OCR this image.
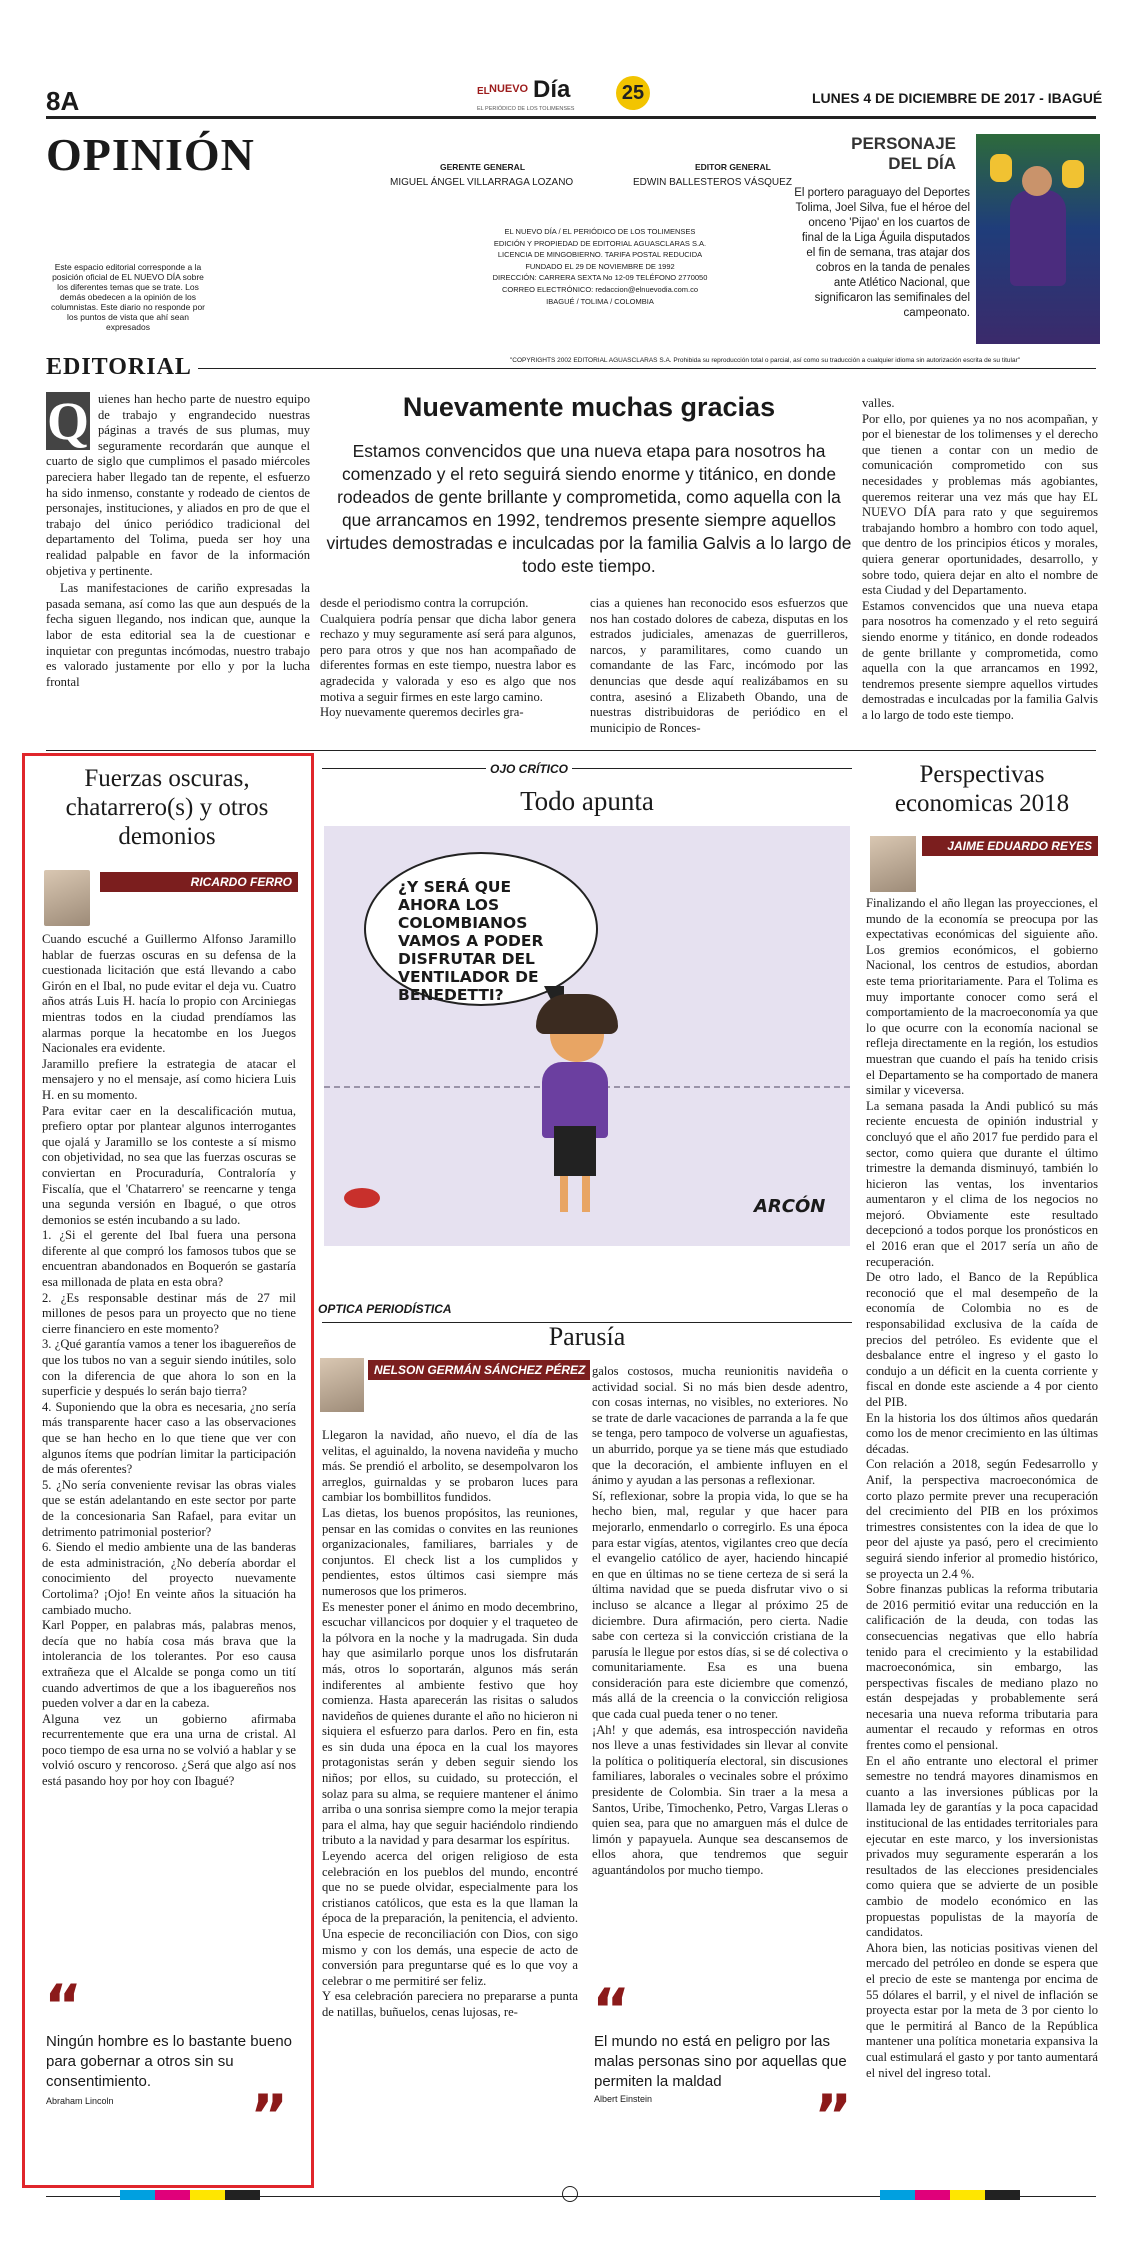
8A	EL NUEVO Día
EL PERIÓDICO DE LOS TOLIMENSES
25	LUNES 4 DE DICIEMBRE DE 2017 - IBAGUÉ
OPINIÓN
Este espacio editorial corresponde a la posición oficial de EL NUEVO DÍA sobre los diferentes temas que se trate. Los demás obedecen a la opinión de los columnistas. Este diario no responde por los puntos de vista que ahí sean expresados
GERENTE GENERAL
MIGUEL ÁNGEL VILLARRAGA LOZANO
EDITOR GENERAL
EDWIN BALLESTEROS VÁSQUEZ
EL NUEVO DÍA / EL PERIÓDICO DE LOS TOLIMENSES
EDICIÓN Y PROPIEDAD DE EDITORIAL AGUASCLARAS S.A.
LICENCIA DE MINGOBIERNO. TARIFA POSTAL REDUCIDA
FUNDADO EL 29 DE NOVIEMBRE DE 1992
DIRECCIÓN: CARRERA SEXTA No 12-09 TELÉFONO 2770050
CORREO ELECTRÓNICO: redaccion@elnuevodia.com.co
IBAGUÉ / TOLIMA / COLOMBIA
PERSONAJE
DEL DÍA
El portero paraguayo del Deportes Tolima, Joel Silva, fue el héroe del onceno 'Pijao' en los cuartos de final de la Liga Águila disputados el fin de semana, tras atajar dos cobros en la tanda de penales ante Atlético Nacional, que significaron las semifinales del campeonato.
"COPYRIGHTS 2002 EDITORIAL AGUASCLARAS S.A. Prohibida su reproducción total o parcial, así como su traducción a cualquier idioma sin autorización escrita de su titular"
EDITORIAL
Q uienes han hecho parte de nuestro equipo de trabajo y engrandecido nuestras páginas a través de sus plumas, muy seguramente recordarán que aunque el cuarto de siglo que cumplimos el pasado miércoles pareciera haber llegado tan de repente, el esfuerzo ha sido inmenso, constante y rodeado de cientos de personajes, instituciones, y aliados en pro de que el trabajo del único periódico tradicional del departamento del Tolima, pueda ser hoy una realidad palpable en favor de la información objetiva y pertinente.

Las manifestaciones de cariño expresadas la pasada semana, así como las que aun después de la fecha siguen llegando, nos indican que, aunque la labor de esta editorial sea la de cuestionar e inquietar con preguntas incómodas, nuestro trabajo es valorado justamente por ello y por la lucha frontal

Nuevamente muchas gracias
Estamos convencidos que una nueva etapa para nosotros ha comenzado y el reto seguirá siendo enorme y titánico, en donde rodeados de gente brillante y comprometida, como aquella con la que arrancamos en 1992, tendremos presente siempre aquellos virtudes demostradas e inculcadas por la familia Galvis a lo largo de todo este tiempo.
desde el periodismo contra la corrupción.
Cualquiera podría pensar que dicha labor genera rechazo y muy seguramente así será para algunos, pero para otros y que nos han acompañado de diferentes formas en este tiempo, nuestra labor es agradecida y valorada y eso es algo que nos motiva a seguir firmes en este largo camino.
Hoy nuevamente queremos decirles gra-
cias a quienes han reconocido esos esfuerzos que nos han costado dolores de cabeza, disputas en los estrados judiciales, amenazas de guerrilleros, narcos, y paramilitares, como cuando un comandante de las Farc, incómodo por las denuncias que desde aquí realizábamos en su contra, asesinó a Elizabeth Obando, una de nuestras distribuidoras de periódico en el municipio de Ronces-
valles.
Por ello, por quienes ya no nos acompañan, y por el bienestar de los tolimenses y el derecho que tienen a contar con un medio de comunicación comprometido con sus necesidades y problemas más agobiantes, queremos reiterar una vez más que hay EL NUEVO DÍA para rato y que seguiremos trabajando hombro a hombro con todo aquel, que dentro de los principios éticos y morales, quiera generar oportunidades, desarrollo, y sobre todo, quiera dejar en alto el nombre de esta Ciudad y del Departamento.
Estamos convencidos que una nueva etapa para nosotros ha comenzado y el reto seguirá siendo enorme y titánico, en donde rodeados de gente brillante y comprometida, como aquella con la que arrancamos en 1992, tendremos presente siempre aquellos virtudes demostradas e inculcadas por la familia Galvis a lo largo de todo este tiempo.
Fuerzas oscuras, chatarrero(s) y otros demonios
RICARDO FERRO
Cuando escuché a Guillermo Alfonso Jaramillo hablar de fuerzas oscuras en su defensa de la cuestionada licitación que está llevando a cabo Girón en el Ibal, no pude evitar el deja vu. Cuatro años atrás Luis H. hacía lo propio con Arciniegas mientras todos en la ciudad prendíamos las alarmas porque la hecatombe en los Juegos Nacionales era evidente.
Jaramillo prefiere la estrategia de atacar el mensajero y no el mensaje, así como hiciera Luis H. en su momento.
Para evitar caer en la descalificación mutua, prefiero optar por plantear algunos interrogantes que ojalá y Jaramillo se los conteste a sí mismo con objetividad, no sea que las fuerzas oscuras se conviertan en Procuraduría, Contraloría y Fiscalía, que el 'Chatarrero' se reencarne y tenga una segunda versión en Ibagué, o que otros demonios se estén incubando a su lado.
1. ¿Si el gerente del Ibal fuera una persona diferente al que compró los famosos tubos que se encuentran abandonados en Boquerón se gastaría esa millonada de plata en esta obra?
2. ¿Es responsable destinar más de 27 mil millones de pesos para un proyecto que no tiene cierre financiero en este momento?
3. ¿Qué garantía vamos a tener los ibaguereños de que los tubos no van a seguir siendo inútiles, solo con la diferencia de que ahora lo son en la superficie y después lo serán bajo tierra?
4. Suponiendo que la obra es necesaria, ¿no sería más transparente hacer caso a las observaciones que se han hecho en lo que tiene que ver con algunos ítems que podrían limitar la participación de más oferentes?
5. ¿No sería conveniente revisar las obras viales que se están adelantando en este sector por parte de la concesionaria San Rafael, para evitar un detrimento patrimonial posterior?
6. Siendo el medio ambiente una de las banderas de esta administración, ¿No debería abordar el conocimiento del proyecto nuevamente Cortolima? ¡Ojo! En veinte años la situación ha cambiado mucho.
Karl Popper, en palabras más, palabras menos, decía que no había cosa más brava que la intolerancia de los tolerantes. Por eso causa extrañeza que el Alcalde se ponga como un tití cuando advertimos de que a los ibaguereños nos pueden volver a dar en la cabeza.
Alguna vez un gobierno afirmaba recurrentemente que era una urna de cristal. Al poco tiempo de esa urna no se volvió a hablar y se volvió oscuro y rencoroso. ¿Será que algo así nos está pasando hoy por hoy con Ibagué?
“
Ningún hombre es lo bastante bueno para gobernar a otros sin su consentimiento.
Abraham Lincoln ”
OJO CRÍTICO
Todo apunta
¿Y SERÁ QUE AHORA LOS COLOMBIANOS VAMOS A PODER DISFRUTAR DEL VENTILADOR DE BENEDETTI?
ARCÓN
OPTICA PERIODÍSTICA
Parusía
NELSON GERMÁN SÁNCHEZ PÉREZ
Llegaron la navidad, año nuevo, el día de las velitas, el aguinaldo, la novena navideña y mucho más. Se prendió el arbolito, se desempolvaron los arreglos, guirnaldas y se probaron luces para cambiar los bombillitos fundidos.
Las dietas, los buenos propósitos, las reuniones, pensar en las comidas o convites en las reuniones organizacionales, familiares, barriales y de conjuntos. El check list a los cumplidos y pendientes, estos últimos casi siempre más numerosos que los primeros.
Es menester poner el ánimo en modo decembrino, escuchar villancicos por doquier y el traqueteo de la pólvora en la noche y la madrugada. Sin duda hay que asimilarlo porque unos los disfrutarán más, otros lo soportarán, algunos más serán indiferentes al ambiente festivo que hoy comienza. Hasta aparecerán las risitas o saludos navideños de quienes durante el año no hicieron ni siquiera el esfuerzo para darlos. Pero en fin, esta es sin duda una época en la cual los mayores protagonistas serán y deben seguir siendo los niños; por ellos, su cuidado, su protección, el solaz para su alma, se requiere mantener el ánimo arriba o una sonrisa siempre como la mejor terapia para el alma, hay que seguir haciéndolo rindiendo tributo a la navidad y para desarmar los espíritus.
Leyendo acerca del origen religioso de esta celebración en los pueblos del mundo, encontré que no se puede olvidar, especialmente para los cristianos católicos, que esta es la que llaman la época de la preparación, la penitencia, el adviento. Una especie de reconciliación con Dios, con sigo mismo y con los demás, una especie de acto de conversión para preguntarse qué es lo que voy a celebrar o me permitiré ser feliz.
Y esa celebración pareciera no prepararse a punta de natillas, buñuelos, cenas lujosas, re-
galos costosos, mucha reunionitis navideña o actividad social. Si no más bien desde adentro, con cosas internas, no visibles, no exteriores. No se trate de darle vacaciones de parranda a la fe que se tenga, pero tampoco de volverse un aguafiestas, un aburrido, porque ya se tiene más que estudiado que la decoración, el ambiente influyen en el ánimo y ayudan a las personas a reflexionar.
Sí, reflexionar, sobre la propia vida, lo que se ha hecho bien, mal, regular y que hacer para mejorarlo, enmendarlo o corregirlo. Es una época para estar vigías, atentos, vigilantes creo que decía el evangelio católico de ayer, haciendo hincapié en que en últimas no se tiene certeza de si será la última navidad que se pueda disfrutar vivo o si incluso se alcance a llegar al próximo 25 de diciembre. Dura afirmación, pero cierta. Nadie sabe con certeza si la convicción cristiana de la parusía le llegue por estos días, si se dé colectiva o comunitariamente. Esa es una buena consideración para este diciembre que comenzó, más allá de la creencia o la convicción religiosa que cada cual pueda tener o no tener.
¡Ah! y que además, esa introspección navideña nos lleve a unas festividades sin llevar al convite la política o politiquería electoral, sin discusiones familiares, laborales o vecinales sobre el próximo presidente de Colombia. Sin traer a la mesa a Santos, Uribe, Timochenko, Petro, Vargas Lleras o quien sea, para que no amarguen más el dulce de limón y papayuela. Aunque sea descansemos de ellos ahora, que tendremos que seguir aguantándolos por mucho tiempo.
“
El mundo no está en peligro por las malas personas sino por aquellas que permiten la maldad
Albert Einstein	”
Perspectivas economicas 2018
JAIME EDUARDO REYES
Finalizando el año llegan las proyecciones, el mundo de la economía se preocupa por las expectativas económicas del siguiente año. Los gremios económicos, el gobierno Nacional, los centros de estudios, abordan este tema prioritariamente. Para el Tolima es muy importante conocer como será el comportamiento de la macroeconomía ya que lo que ocurre con la economía nacional se refleja directamente en la región, los estudios muestran que cuando el país ha tenido crisis el Departamento se ha comportado de manera similar y viceversa.
La semana pasada la Andi publicó su más reciente encuesta de opinión industrial y concluyó que el año 2017 fue perdido para el sector, como quiera que durante el último trimestre la demanda disminuyó, también lo hicieron las ventas, los inventarios aumentaron y el clima de los negocios no mejoró. Obviamente este resultado decepcionó a todos porque los pronósticos en el 2016 eran que el 2017 sería un año de recuperación.
De otro lado, el Banco de la República reconoció que el mal desempeño de la economía de Colombia no es de responsabilidad exclusiva de la caída de precios del petróleo. Es evidente que el desbalance entre el ingreso y el gasto lo condujo a un déficit en la cuenta corriente y fiscal en donde este asciende a 4 por ciento del PIB.
En la historia los dos últimos años quedarán como los de menor crecimiento en las últimas décadas.
Con relación a 2018, según Fedesarrollo y Anif, la perspectiva macroeconómica de corto plazo permite prever una recuperación del crecimiento del PIB en los próximos trimestres consistentes con la idea de que lo peor del ajuste ya pasó, pero el crecimiento seguirá siendo inferior al promedio histórico, se proyecta un 2.4 %.
Sobre finanzas publicas la reforma tributaria de 2016 permitió evitar una reducción en la calificación de la deuda, con todas las consecuencias negativas que ello habría tenido para el crecimiento y la estabilidad macroeconómica, sin embargo, las perspectivas fiscales de mediano plazo no están despejadas y probablemente será necesaria una nueva reforma tributaria para aumentar el recaudo y reformas en otros frentes como el pensional.
En el año entrante uno electoral el primer semestre no tendrá mayores dinamismos en cuanto a las inversiones públicas por la llamada ley de garantías y la poca capacidad institucional de las entidades territoriales para ejecutar en este marco, y los inversionistas privados muy seguramente esperarán a los resultados de las elecciones presidenciales como quiera que se advierte de un posible cambio de modelo económico en las propuestas populistas de la mayoría de candidatos.
Ahora bien, las noticias positivas vienen del mercado del petróleo en donde se espera que el precio de este se mantenga por encima de 55 dólares el barril, y el nivel de inflación se proyecta estar por la meta de 3 por ciento lo que le permitirá al Banco de la República mantener una política monetaria expansiva la cual estimulará el gasto y por tanto aumentará el nivel del ingreso total.
